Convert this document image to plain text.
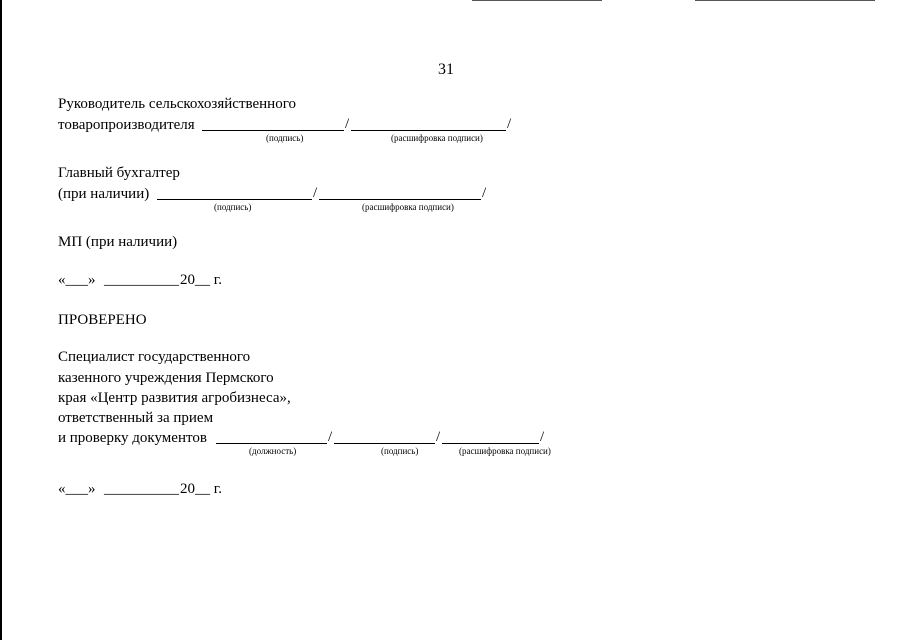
31
Руководитель сельскохозяйственного
товаропроизводителя	/	/
(подпись)	(расшифровка подписи)
Главный бухгалтер
(при наличии)	/	/
(подпись)	(расшифровка подписи)
МП (при наличии)
«___» __________ 20__ г.
ПРОВЕРЕНО
Специалист государственного
казенного учреждения Пермского
края «Центр развития агробизнеса»,
ответственный за прием
и проверку документов	/	/	/
(должность)	(подпись)	(расшифровка подписи)
«___» __________ 20__ г.
